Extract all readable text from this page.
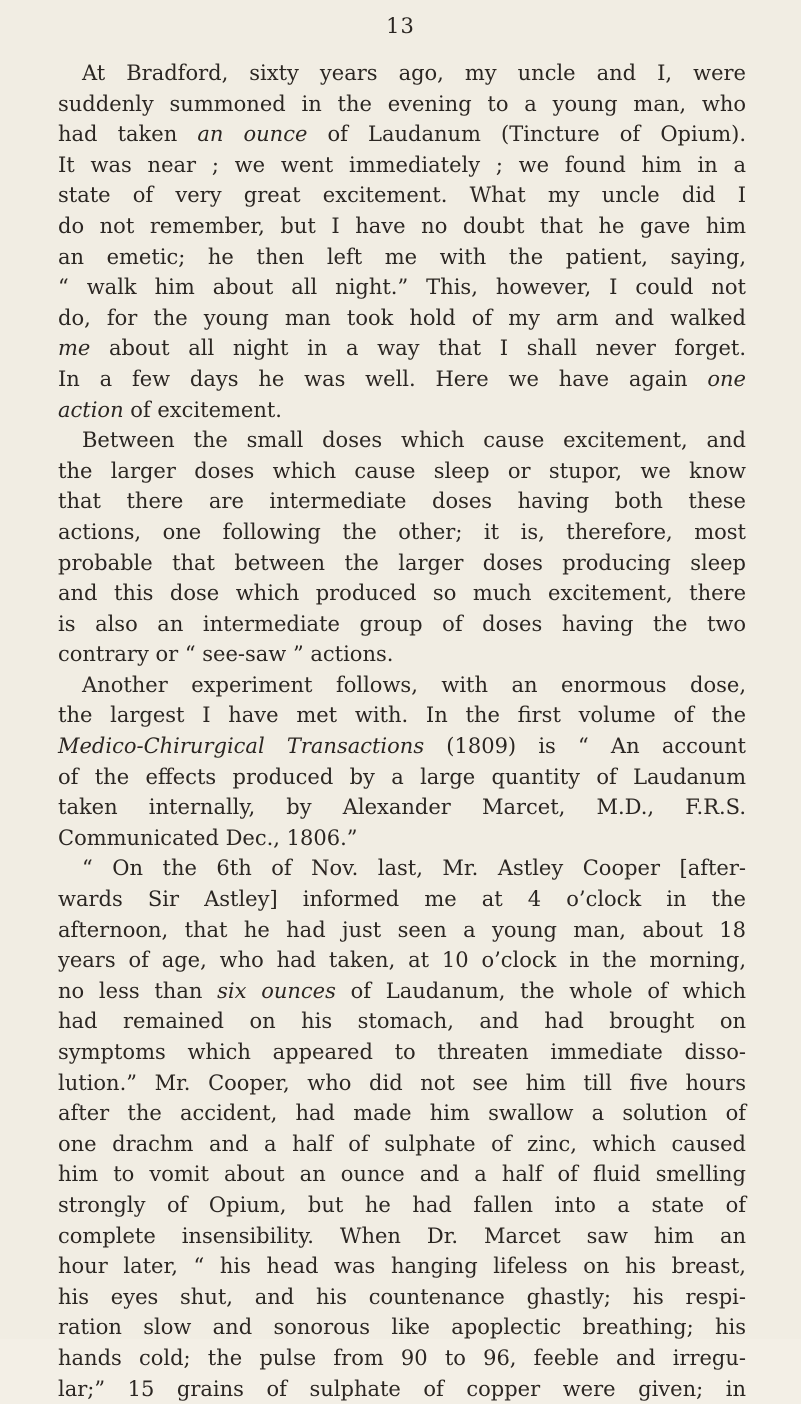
13
At Bradford, sixty years ago, my uncle and I, were
suddenly summoned in the evening to a young man, who
had taken an ounce of Laudanum (Tincture of Opium).
It was near ; we went immediately ; we found him in a
state of very great excitement. What my uncle did I
do not remember, but I have no doubt that he gave him
an emetic; he then left me with the patient, saying,
“ walk him about all night.” This, however, I could not
do, for the young man took hold of my arm and walked
me about all night in a way that I shall never forget.
In a few days he was well. Here we have again one
action of excitement.
Between the small doses which cause excitement, and
the larger doses which cause sleep or stupor, we know
that there are intermediate doses having both these
actions, one following the other; it is, therefore, most
probable that between the larger doses producing sleep
and this dose which produced so much excitement, there
is also an intermediate group of doses having the two
contrary or “ see-saw ” actions.
Another experiment follows, with an enormous dose,
the largest I have met with. In the first volume of the
Medico-Chirurgical Transactions (1809) is “ An account
of the effects produced by a large quantity of Laudanum
taken internally, by Alexander Marcet, M.D., F.R.S.
Communicated Dec., 1806.”
“ On the 6th of Nov. last, Mr. Astley Cooper [after-
wards Sir Astley] informed me at 4 o’clock in the
afternoon, that he had just seen a young man, about 18
years of age, who had taken, at 10 o’clock in the morning,
no less than six ounces of Laudanum, the whole of which
had remained on his stomach, and had brought on
symptoms which appeared to threaten immediate disso-
lution.” Mr. Cooper, who did not see him till five hours
after the accident, had made him swallow a solution of
one drachm and a half of sulphate of zinc, which caused
him to vomit about an ounce and a half of fluid smelling
strongly of Opium, but he had fallen into a state of
complete insensibility. When Dr. Marcet saw him an
hour later, “ his head was hanging lifeless on his breast,
his eyes shut, and his countenance ghastly; his respi-
ration slow and sonorous like apoplectic breathing; his
hands cold; the pulse from 90 to 96, feeble and irregu-
lar;” 15 grains of sulphate of copper were given; in
